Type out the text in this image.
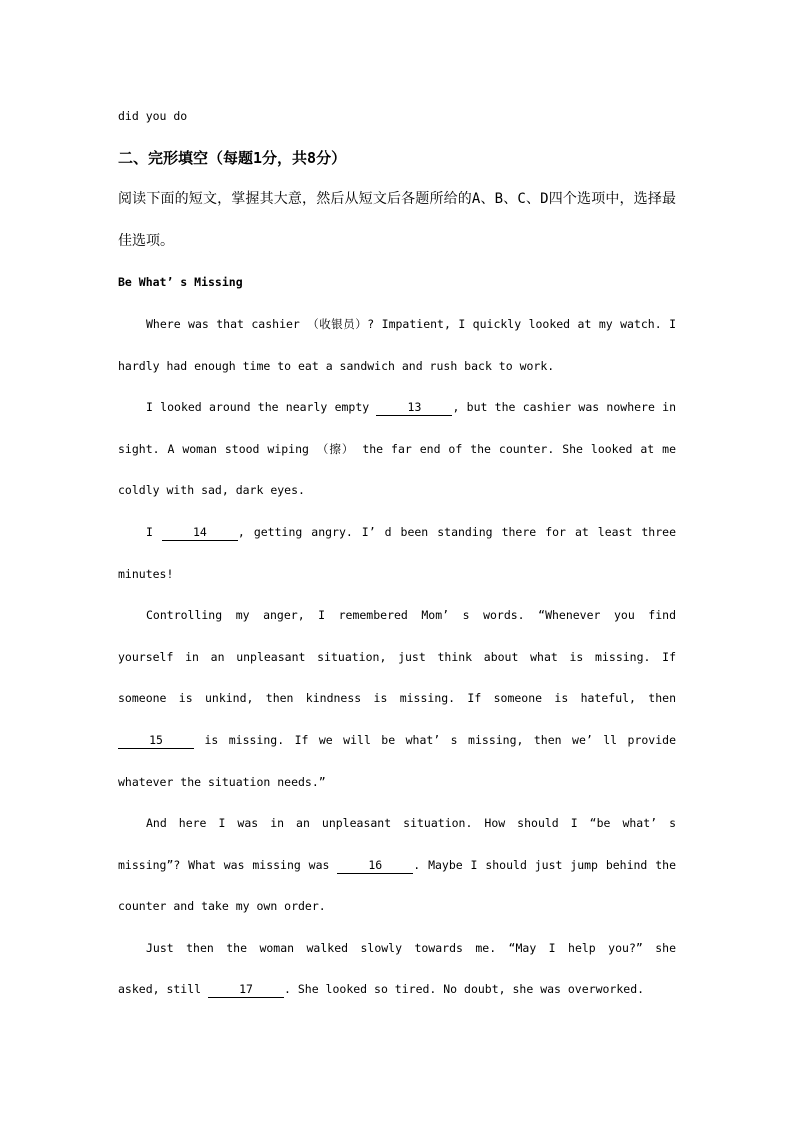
did you do
二、完形填空（每题1分，共8分）
阅读下面的短文，掌握其大意，然后从短文后各题所给的A、B、C、D四个选项中，选择最
佳选项。
Be What’ s Missing
Where was that cashier （收银员）? Impatient, I quickly looked at my watch. I
hardly had enough time to eat a sandwich and rush back to work.
I looked around the nearly empty	13	, but the cashier was nowhere in
sight. A woman stood wiping （擦） the far end of the counter. She looked at me
coldly with sad, dark eyes.
I	14	, getting angry. I’ d been standing there for at least three
minutes!
Controlling my anger, I remembered Mom’ s words. “Whenever you find
yourself in an unpleasant situation, just think about what is missing. If
someone is unkind, then kindness is missing. If someone is hateful, then
15	is missing. If we will be what’ s missing, then we’ ll provide
whatever the situation needs.”
And here I was in an unpleasant situation. How should I “be what’ s
missing”? What was missing was	16	. Maybe I should just jump behind the
counter and take my own order.
Just then the woman walked slowly towards me. “May I help you?” she
asked, still	17	. She looked so tired. No doubt, she was overworked.
